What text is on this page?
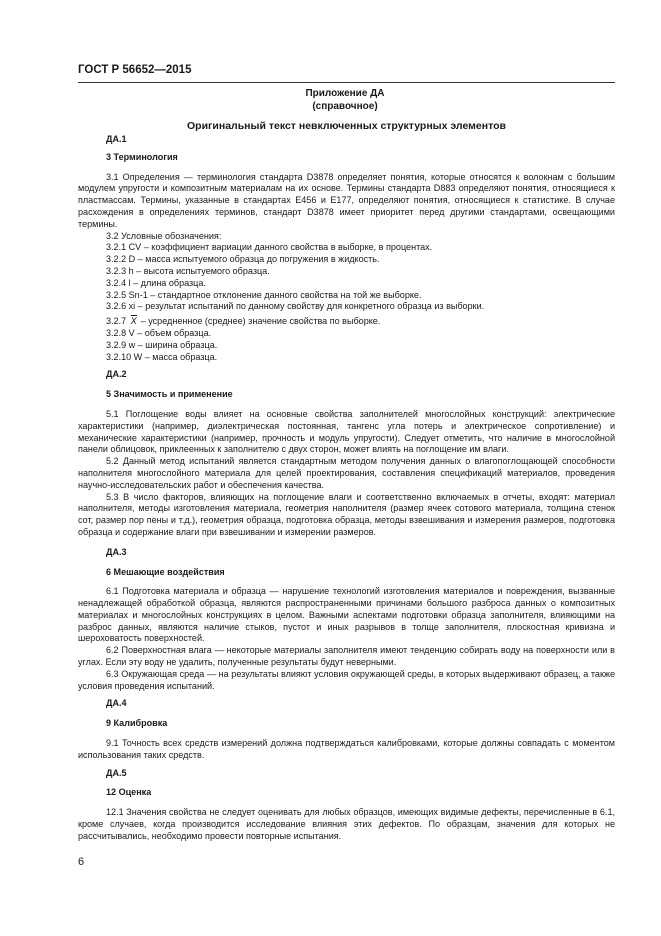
ГОСТ Р 56652—2015
Приложение ДА
(справочное)
Оригинальный текст невключенных структурных элементов
ДА.1
3 Терминология

3.1 Определения — терминология стандарта D3878 определяет понятия, которые относятся к волокнам с большим модулем упругости и композитным материалам на их основе. Термины стандарта D883 определяют понятия, относящиеся к пластмассам. Термины, указанные в стандартах Е456 и Е177, определяют понятия, относящиеся к статистике. В случае расхождения в определениях терминов, стандарт D3878 имеет приоритет перед другими стандартами, освещающими термины.

3.2 Условные обозначения:

3.2.1 CV – коэффициент вариации данного свойства в выборке, в процентах.

3.2.2 D – масса испытуемого образца до погружения в жидкость.

3.2.3 h – высота испытуемого образца.

3.2.4 l – длина образца.

3.2.5 Sn-1 – стандартное отклонение данного свойства на той же выборке.

3.2.6 xi – результат испытаний по данному свойству для конкретного образца из выборки.

3.2.7 X – усредненное (среднее) значение свойства по выборке.

3.2.8 V – объем образца.

3.2.9 w – ширина образца.

3.2.10 W – масса образца.

ДА.2
5 Значимость и применение

5.1 Поглощение воды влияет на основные свойства заполнителей многослойных конструкций: электрические характеристики (например, диэлектрическая постоянная, тангенс угла потерь и электрическое сопротивление) и механические характеристики (например, прочность и модуль упругости). Следует отметить, что наличие в многослойной панели облицовок, приклеенных к заполнителю с двух сторон, может влиять на поглощение им влаги.

5.2 Данный метод испытаний является стандартным методом получения данных о влагопоглощающей способности наполнителя многослойного материала для целей проектирования, составления спецификаций материалов, проведения научно-исследовательских работ и обеспечения качества.

5.3 В число факторов, влияющих на поглощение влаги и соответственно включаемых в отчеты, входят: материал наполнителя, методы изготовления материала, геометрия наполнителя (размер ячеек сотового материала, толщина стенок сот, размер пор пены и т.д.), геометрия образца, подготовка образца, методы взвешивания и измерения размеров, подготовка образца и содержание влаги при взвешивании и измерении размеров.

ДА.3
6 Мешающие воздействия

6.1 Подготовка материала и образца — нарушение технологий изготовления материалов и повреждения, вызванные ненадлежащей обработкой образца, являются распространенными причинами большого разброса данных о композитных материалах и многослойных конструкциях в целом. Важными аспектами подготовки образца заполнителя, влияющими на разброс данных, являются наличие стыков, пустот и иных разрывов в толще заполнителя, плоскостная кривизна и шероховатость поверхностей.

6.2 Поверхностная влага — некоторые материалы заполнителя имеют тенденцию собирать воду на поверхности или в углах. Если эту воду не удалить, полученные результаты будут неверными.

6.3 Окружающая среда — на результаты влияют условия окружающей среды, в которых выдерживают образец, а также условия проведения испытаний.

ДА.4
9 Калибровка

9.1 Точность всех средств измерений должна подтверждаться калибровками, которые должны совпадать с моментом использования таких средств.

ДА.5
12 Оценка

12.1 Значения свойства не следует оценивать для любых образцов, имеющих видимые дефекты, перечисленные в 6.1, кроме случаев, когда производится исследование влияния этих дефектов. По образцам, значения для которых не рассчитывались, необходимо провести повторные испытания.

6
